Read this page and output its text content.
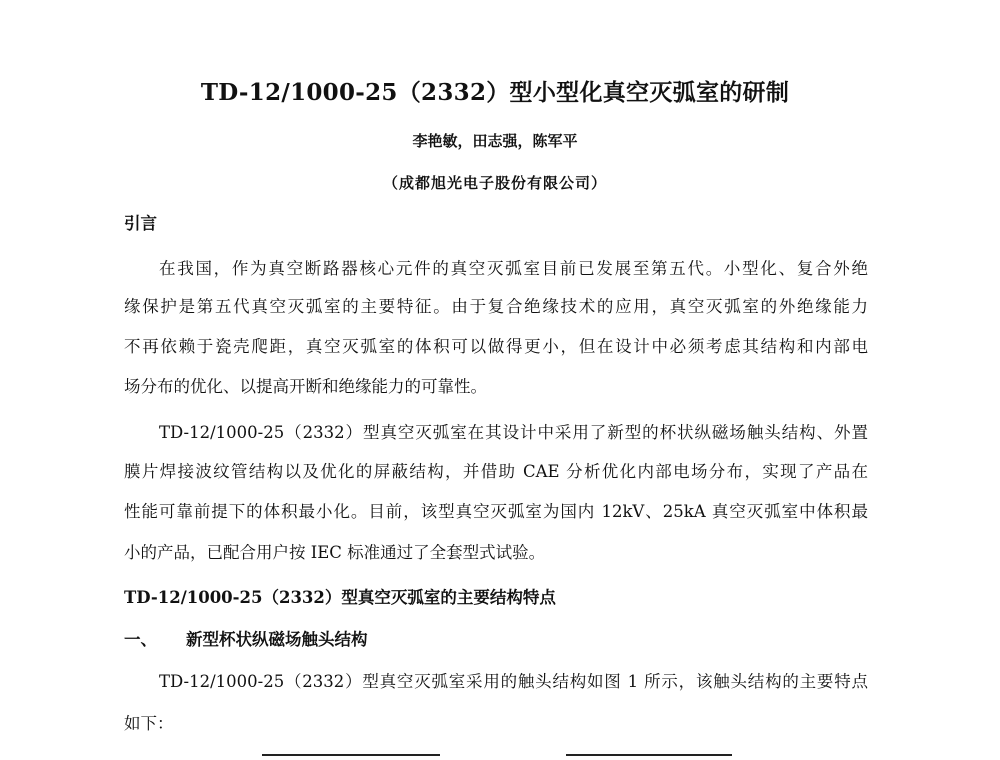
TD-12/1000-25（2332）型小型化真空灭弧室的研制
李艳敏，田志强，陈军平
（成都旭光电子股份有限公司）
引言
在我国，作为真空断路器核心元件的真空灭弧室目前已发展至第五代。小型化、复合外绝
缘保护是第五代真空灭弧室的主要特征。由于复合绝缘技术的应用，真空灭弧室的外绝缘能力
不再依赖于瓷壳爬距，真空灭弧室的体积可以做得更小，但在设计中必须考虑其结构和内部电
场分布的优化、以提高开断和绝缘能力的可靠性。
TD-12/1000-25（2332）型真空灭弧室在其设计中采用了新型的杯状纵磁场触头结构、外置
膜片焊接波纹管结构以及优化的屏蔽结构，并借助 CAE 分析优化内部电场分布，实现了产品在
性能可靠前提下的体积最小化。目前，该型真空灭弧室为国内 12kV、25kA 真空灭弧室中体积最
小的产品，已配合用户按 IEC 标准通过了全套型式试验。
TD-12/1000-25（2332）型真空灭弧室的主要结构特点
一、 新型杯状纵磁场触头结构
TD-12/1000-25（2332）型真空灭弧室采用的触头结构如图 1 所示，该触头结构的主要特点
如下：
